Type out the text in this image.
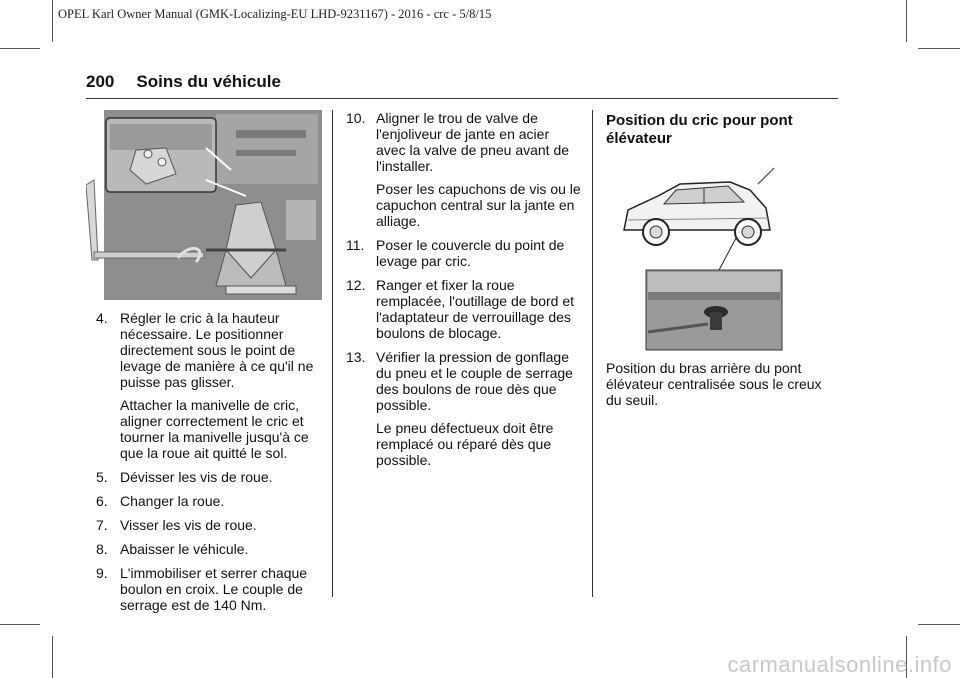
OPEL Karl Owner Manual (GMK-Localizing-EU LHD-9231167) - 2016 - crc - 5/8/15
200 Soins du véhicule
4. Régler le cric à la hauteur nécessaire. Le positionner directement sous le point de levage de manière à ce qu'il ne puisse pas glisser.

Attacher la manivelle de cric, aligner correctement le cric et tourner la manivelle jusqu'à ce que la roue ait quitté le sol.

5. Dévisser les vis de roue.

6. Changer la roue.

7. Visser les vis de roue.

8. Abaisser le véhicule.

9. L'immobiliser et serrer chaque boulon en croix. Le couple de serrage est de 140 Nm.

10. Aligner le trou de valve de l'enjoliveur de jante en acier avec la valve de pneu avant de l'installer.

Poser les capuchons de vis ou le capuchon central sur la jante en alliage.

11. Poser le couvercle du point de levage par cric.

12. Ranger et fixer la roue remplacée, l'outillage de bord et l'adaptateur de verrouillage des boulons de blocage.

13. Vérifier la pression de gonflage du pneu et le couple de serrage des boulons de roue dès que possible.

Le pneu défectueux doit être remplacé ou réparé dès que possible.

Position du cric pour pont élévateur

Position du bras arrière du pont élévateur centralisée sous le creux du seuil.

carmanualsonline.info
